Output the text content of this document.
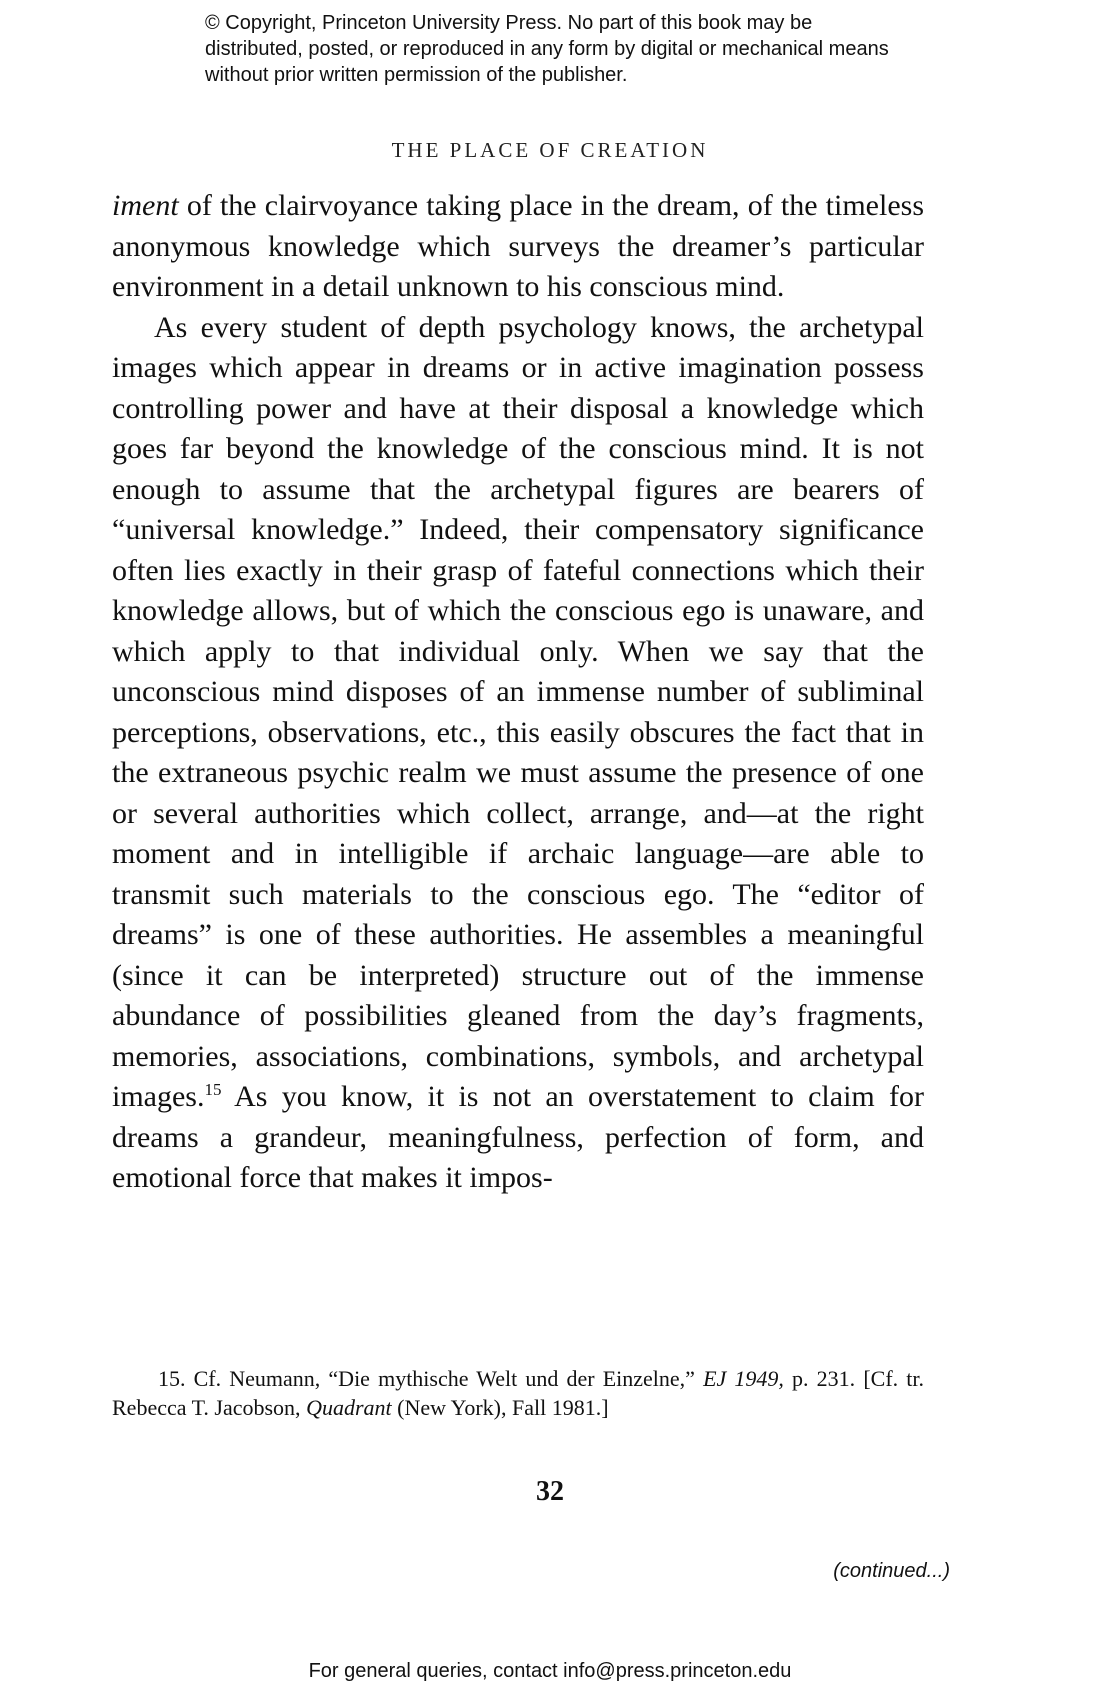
© Copyright, Princeton University Press. No part of this book may be distributed, posted, or reproduced in any form by digital or mechanical means without prior written permission of the publisher.
THE PLACE OF CREATION

iment of the clairvoyance taking place in the dream, of the timeless anonymous knowledge which surveys the dreamer’s particular environment in a detail unknown to his conscious mind.

As every student of depth psychology knows, the archetypal images which appear in dreams or in active imagination possess controlling power and have at their disposal a knowledge which goes far beyond the knowledge of the conscious mind. It is not enough to assume that the archetypal figures are bearers of “universal knowledge.” Indeed, their compensatory significance often lies exactly in their grasp of fateful connections which their knowledge allows, but of which the conscious ego is unaware, and which apply to that individual only. When we say that the unconscious mind disposes of an immense number of subliminal perceptions, observations, etc., this easily obscures the fact that in the extraneous psychic realm we must assume the presence of one or several authorities which collect, arrange, and—at the right moment and in intelligible if archaic language—are able to transmit such materials to the conscious ego. The “editor of dreams” is one of these authorities. He assembles a meaningful (since it can be interpreted) structure out of the immense abundance of possibilities gleaned from the day’s fragments, memories, associations, combinations, symbols, and archetypal images.$^{15}$ As you know, it is not an overstatement to claim for dreams a grandeur, meaningfulness, perfection of form, and emotional force that makes it impos-

15. Cf. Neumann, “Die mythische Welt und der Einzelne,” EJ 1949, p. 231. [Cf. tr. Rebecca T. Jacobson, Quadrant (New York), Fall 1981.]

32
(continued...)
For general queries, contact info@press.princeton.edu
